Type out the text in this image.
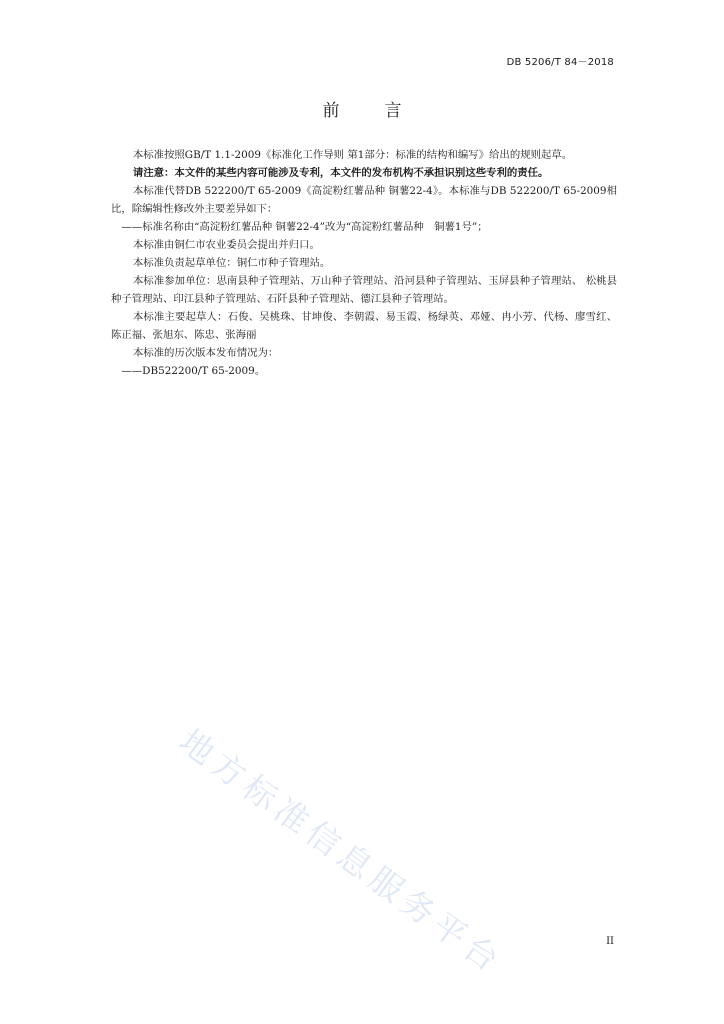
DB 5206/T 84－2018
前　言

本标准按照GB/T 1.1-2009《标准化工作导则 第1部分：标准的结构和编写》给出的规则起草。

请注意：本文件的某些内容可能涉及专利，本文件的发布机构不承担识别这些专利的责任。

本标准代替DB 522200/T 65-2009《高淀粉红薯品种 铜薯22-4》。本标准与DB 522200/T 65-2009相比，除编辑性修改外主要差异如下：

——标准名称由“高淀粉红薯品种 铜薯22-4”改为“高淀粉红薯品种　铜薯1号”；

本标准由铜仁市农业委员会提出并归口。

本标准负责起草单位：铜仁市种子管理站。

本标准参加单位：思南县种子管理站、万山种子管理站、沿河县种子管理站、玉屏县种子管理站、 松桃县种子管理站、印江县种子管理站、石阡县种子管理站、德江县种子管理站。

本标准主要起草人：石俊、吴桃珠、甘坤俊、李朝霞、易玉霞、杨绿英、邓娅、冉小芳、代杨、廖雪红、陈正福、张旭东、陈忠、张海丽

本标准的历次版本发布情况为：

——DB522200/T 65-2009。

地方标准信息服务平台	II
